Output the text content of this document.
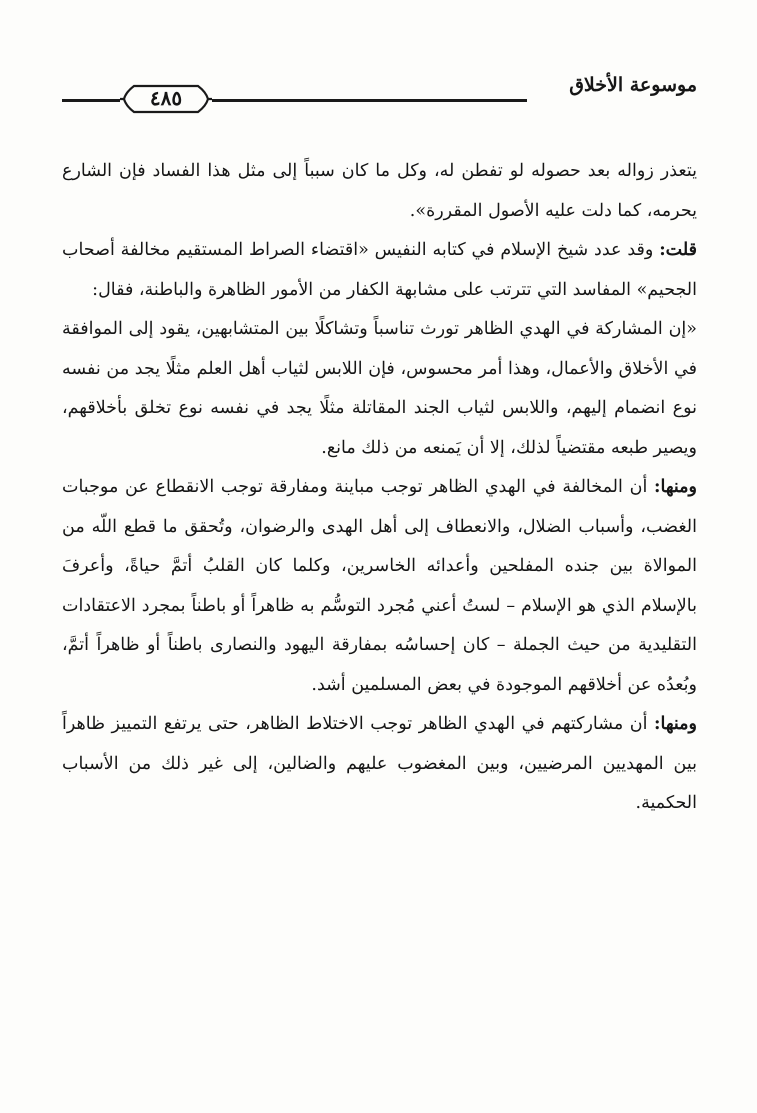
موسوعة الأخلاق
٤٨٥

يتعذر زواله بعد حصوله لو تفطن له، وكل ما كان سبباً إلى مثل هذا الفساد فإن الشارع يحرمه، كما دلت عليه الأصول المقررة».

قلت: وقد عدد شيخ الإسلام في كتابه النفيس «اقتضاء الصراط المستقيم مخالفة أصحاب الجحيم» المفاسد التي تترتب على مشابهة الكفار من الأمور الظاهرة والباطنة، فقال:

«إن المشاركة في الهدي الظاهر تورث تناسباً وتشاكلًا بين المتشابهين، يقود إلى الموافقة في الأخلاق والأعمال، وهذا أمر محسوس، فإن اللابس لثياب أهل العلم مثلًا يجد من نفسه نوع انضمام إليهم، واللابس لثياب الجند المقاتلة مثلًا يجد في نفسه نوع تخلق بأخلاقهم، ويصير طبعه مقتضياً لذلك، إلا أن يَمنعه من ذلك مانع.

ومنها: أن المخالفة في الهدي الظاهر توجب مباينة ومفارقة توجب الانقطاع عن موجبات الغضب، وأسباب الضلال، والانعطاف إلى أهل الهدى والرضوان، وتُحقق ما قطع اللّه من الموالاة بين جنده المفلحين وأعدائه الخاسرين، وكلما كان القلبُ أتمَّ حياةً، وأعرفَ بالإسلام الذي هو الإسلام – لستُ أعني مُجرد التوسُّم به ظاهراً أو باطناً بمجرد الاعتقادات التقليدية من حيث الجملة – كان إحساسُه بمفارقة اليهود والنصارى باطناً أو ظاهراً أتمَّ، وبُعدُه عن أخلاقهم الموجودة في بعض المسلمين أشد.

ومنها: أن مشاركتهم في الهدي الظاهر توجب الاختلاط الظاهر، حتى يرتفع التمييز ظاهراً بين المهديين المرضيين، وبين المغضوب عليهم والضالين، إلى غير ذلك من الأسباب الحكمية.
